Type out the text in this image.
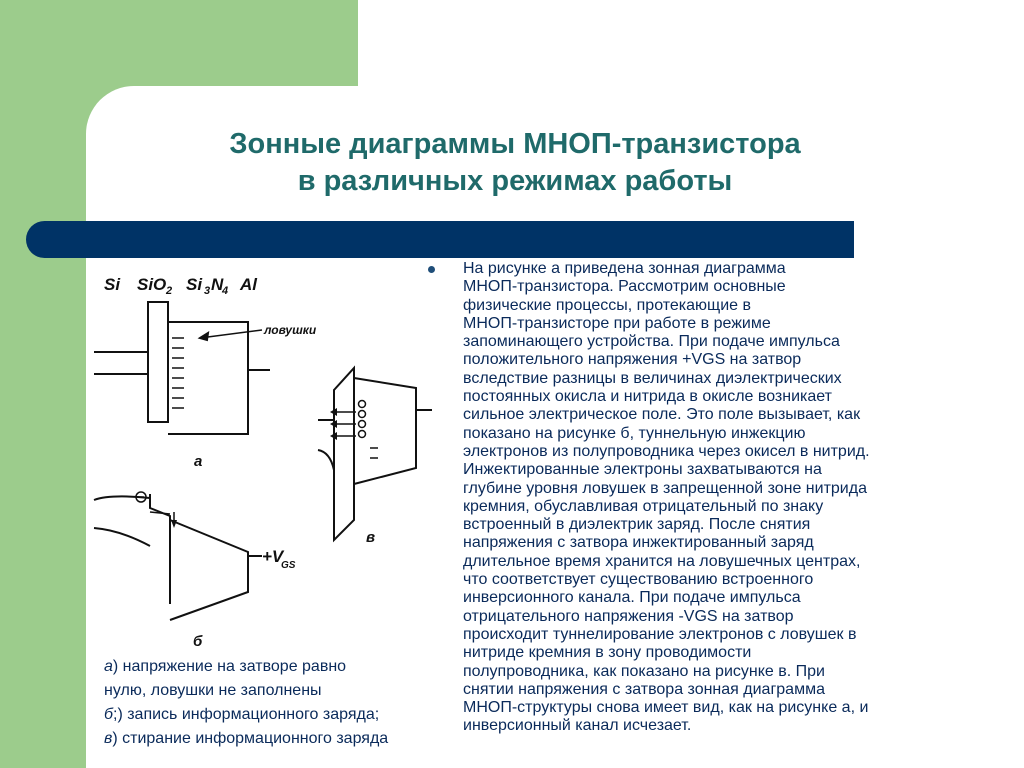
Зонные диаграммы МНОП-транзистора
в различных режимах работы
Si SiO 2 Si 3 N
4 Al
ловушки
а
в
+V
GS
б
На рисунке а приведена зонная диаграмма
МНОП-транзистора. Рассмотрим основные
физические процессы, протекающие в
МНОП-транзисторе при работе в режиме
запоминающего устройства. При подаче импульса
положительного напряжения +VGS на затвор
вследствие разницы в величинах диэлектрических
постоянных окисла и нитрида в окисле возникает
сильное электрическое поле. Это поле вызывает, как
показано на рисунке б, туннельную инжекцию
электронов из полупроводника через окисел в нитрид.
Инжектированные электроны захватываются на
глубине уровня ловушек в запрещенной зоне нитрида
кремния, обуславливая отрицательный по знаку
встроенный в диэлектрик заряд. После снятия
напряжения с затвора инжектированный заряд
длительное время хранится на ловушечных центрах,
что соответствует существованию встроенного
инверсионного канала. При подаче импульса
отрицательного напряжения -VGS на затвор
происходит туннелирование электронов с ловушек в
нитриде кремния в зону проводимости
полупроводника, как показано на рисунке в. При
снятии напряжения с затвора зонная диаграмма
МНОП-структуры снова имеет вид, как на рисунке а, и
инверсионный канал исчезает.
а) напряжение на затворе равно
нулю, ловушки не заполнены
б;) запись информационного заряда;
в) стирание информационного заряда
